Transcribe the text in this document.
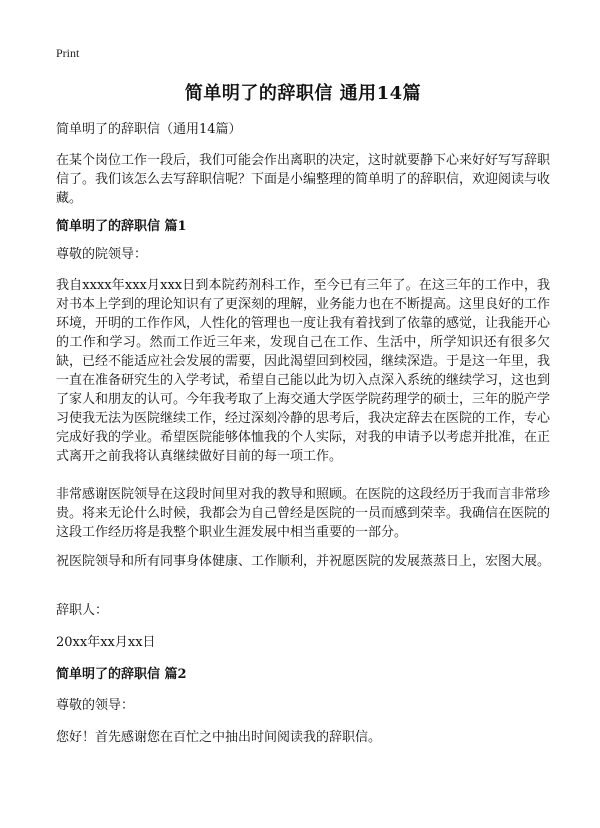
Print
简单明了的辞职信 通用14篇
简单明了的辞职信（通用14篇）
在某个岗位工作一段后，我们可能会作出离职的决定，这时就要静下心来好好写写辞职信了。我们该怎么去写辞职信呢？下面是小编整理的简单明了的辞职信，欢迎阅读与收藏。
简单明了的辞职信 篇1
尊敬的院领导：
我自xxxx年xxx月xxx日到本院药剂科工作，至今已有三年了。在这三年的工作中，我对书本上学到的理论知识有了更深刻的理解，业务能力也在不断提高。这里良好的工作环境，开明的工作作风，人性化的管理也一度让我有着找到了依靠的感觉，让我能开心的工作和学习。然而工作近三年来，发现自己在工作、生活中，所学知识还有很多欠缺，已经不能适应社会发展的需要，因此渴望回到校园，继续深造。于是这一年里，我一直在准备研究生的入学考试，希望自己能以此为切入点深入系统的继续学习，这也到了家人和朋友的认可。今年我考取了上海交通大学医学院药理学的硕士，三年的脱产学习使我无法为医院继续工作，经过深刻冷静的思考后，我决定辞去在医院的工作，专心完成好我的学业。希望医院能够体恤我的个人实际，对我的申请予以考虑并批准，在正式离开之前我将认真继续做好目前的每一项工作。
非常感谢医院领导在这段时间里对我的教导和照顾。在医院的这段经历于我而言非常珍贵。将来无论什么时候，我都会为自己曾经是医院的一员而感到荣幸。我确信在医院的这段工作经历将是我整个职业生涯发展中相当重要的一部分。
祝医院领导和所有同事身体健康、工作顺利，并祝愿医院的发展蒸蒸日上，宏图大展。
辞职人：
20xx年xx月xx日
简单明了的辞职信 篇2
尊敬的领导：
您好！首先感谢您在百忙之中抽出时间阅读我的辞职信。
